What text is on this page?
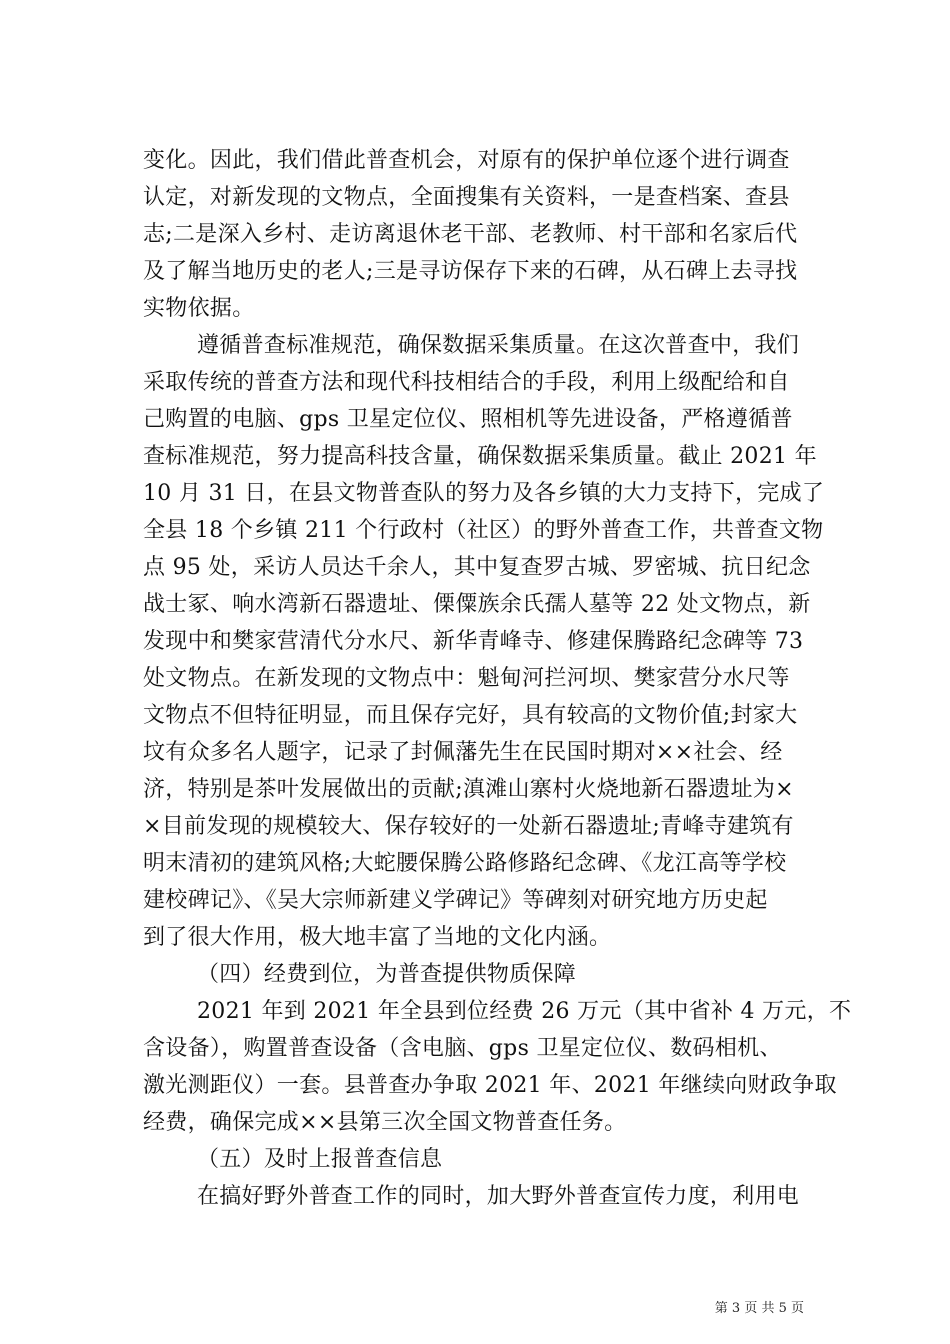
变化。因此，我们借此普查机会，对原有的保护单位逐个进行调查
认定，对新发现的文物点，全面搜集有关资料，一是查档案、查县
志;二是深入乡村、走访离退休老干部、老教师、村干部和名家后代
及了解当地历史的老人;三是寻访保存下来的石碑，从石碑上去寻找
实物依据。
遵循普查标准规范，确保数据采集质量。在这次普查中，我们
采取传统的普查方法和现代科技相结合的手段，利用上级配给和自
己购置的电脑、gps 卫星定位仪、照相机等先进设备，严格遵循普
查标准规范，努力提高科技含量，确保数据采集质量。截止 2021 年
10 月 31 日，在县文物普查队的努力及各乡镇的大力支持下，完成了
全县 18 个乡镇 211 个行政村（社区）的野外普查工作，共普查文物
点 95 处，采访人员达千余人，其中复查罗古城、罗密城、抗日纪念
战士冢、响水湾新石器遗址、傈僳族余氏孺人墓等 22 处文物点，新
发现中和樊家营清代分水尺、新华青峰寺、修建保腾路纪念碑等 73
处文物点。在新发现的文物点中：魁甸河拦河坝、樊家营分水尺等
文物点不但特征明显，而且保存完好，具有较高的文物价值;封家大
坟有众多名人题字，记录了封佩藩先生在民国时期对××社会、经
济，特别是茶叶发展做出的贡献;滇滩山寨村火烧地新石器遗址为×
×目前发现的规模较大、保存较好的一处新石器遗址;青峰寺建筑有
明末清初的建筑风格;大蛇腰保腾公路修路纪念碑、《龙江高等学校
建校碑记》、《吴大宗师新建义学碑记》等碑刻对研究地方历史起
到了很大作用，极大地丰富了当地的文化内涵。
（四）经费到位，为普查提供物质保障
2021 年到 2021 年全县到位经费 26 万元（其中省补 4 万元，不
含设备），购置普查设备（含电脑、gps 卫星定位仪、数码相机、
激光测距仪）一套。县普查办争取 2021 年、2021 年继续向财政争取
经费，确保完成××县第三次全国文物普查任务。
（五）及时上报普查信息
在搞好野外普查工作的同时，加大野外普查宣传力度，利用电
第 3 页 共 5 页
